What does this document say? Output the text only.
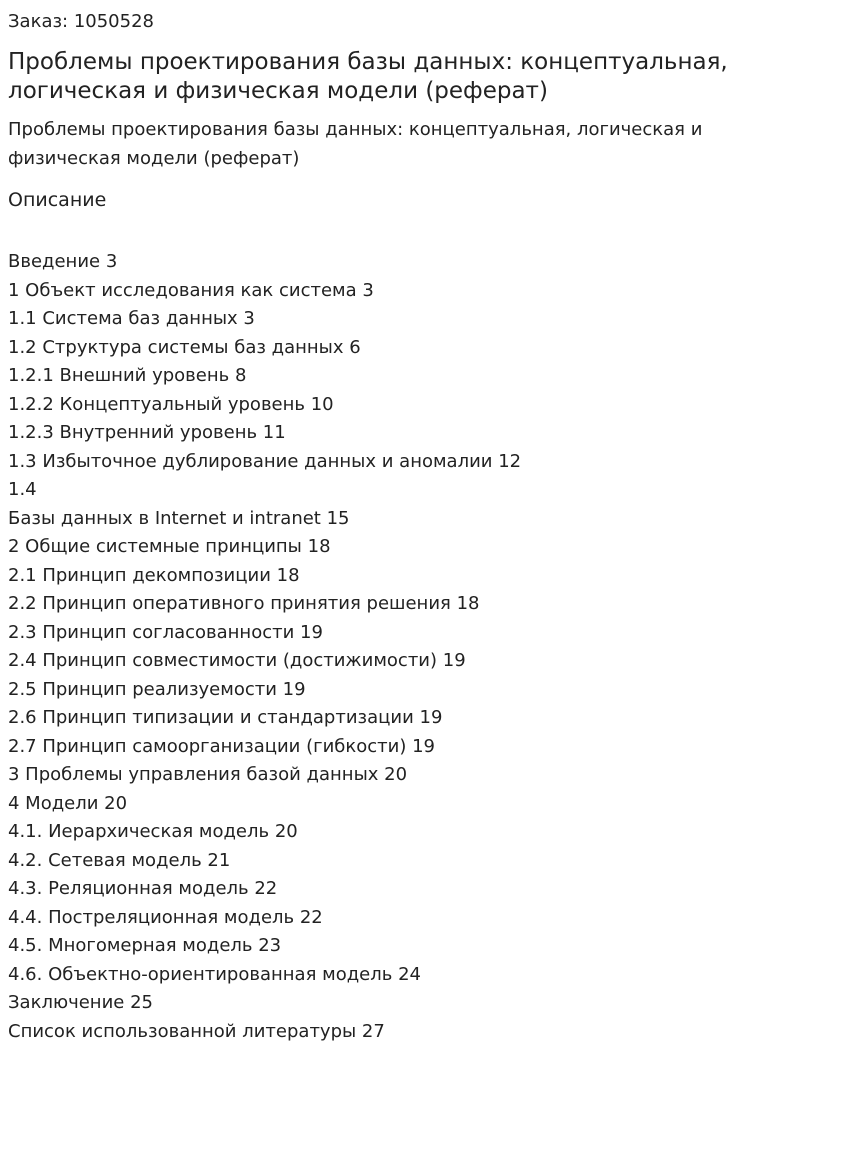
Заказ: 1050528

Проблемы проектирования базы данных: концептуальная, логическая и физическая модели (реферат)

Проблемы проектирования базы данных: концептуальная, логическая и физическая модели (реферат)

Описание
Введение 3
1 Объект исследования как система 3
1.1 Система баз данных 3
1.2 Структура системы баз данных 6
1.2.1 Внешний уровень 8
1.2.2 Концептуальный уровень 10
1.2.3 Внутренний уровень 11
1.3 Избыточное дублирование данных и аномалии 12
1.4
Базы данных в Internet и intranet 15
2 Общие системные принципы 18
2.1 Принцип декомпозиции 18
2.2 Принцип оперативного принятия решения 18
2.3 Принцип согласованности 19
2.4 Принцип совместимости (достижимости) 19
2.5 Принцип реализуемости 19
2.6 Принцип типизации и стандартизации 19
2.7 Принцип самоорганизации (гибкости) 19
3 Проблемы управления базой данных 20
4 Модели 20
4.1. Иерархическая модель 20
4.2. Сетевая модель 21
4.3. Реляционная модель 22
4.4. Постреляционная модель 22
4.5. Многомерная модель 23
4.6. Объектно-ориентированная модель 24
Заключение 25
Список использованной литературы 27
